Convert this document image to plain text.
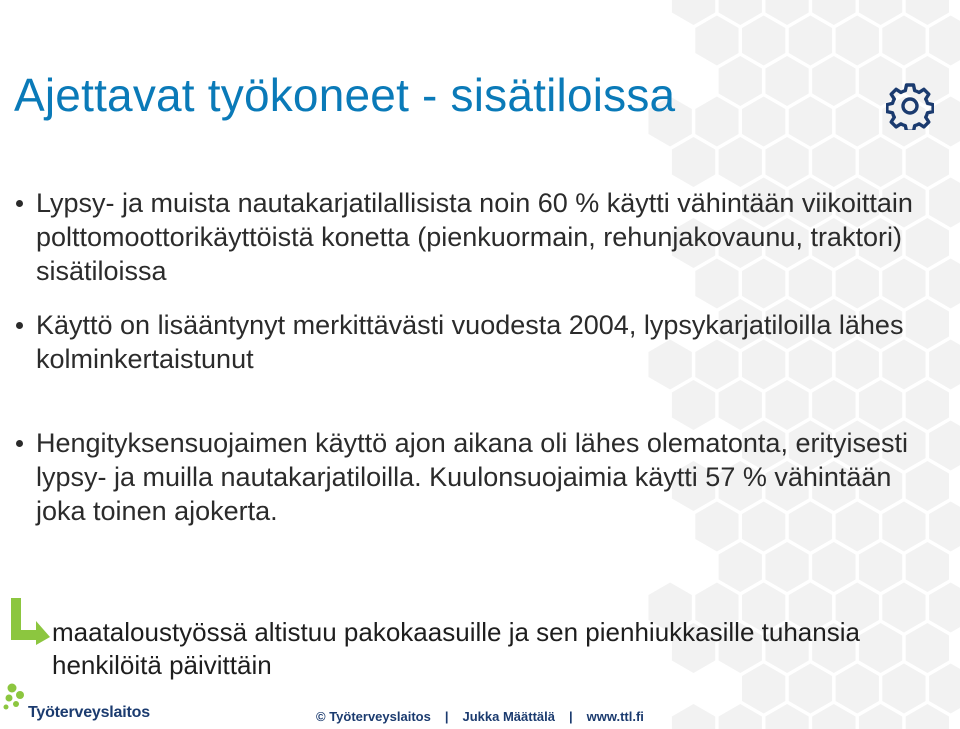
Ajettavat työkoneet - sisätiloissa
Lypsy- ja muista nautakarjatilallisista noin 60 % käytti vähintään viikoittain polttomoottorikäyttöistä konetta (pienkuormain, rehunjakovaunu, traktori) sisätiloissa
Käyttö on lisääntynyt merkittävästi vuodesta 2004, lypsykarjatiloilla lähes kolminkertaistunut
Hengityksensuojaimen käyttö ajon aikana oli lähes olematonta, erityisesti lypsy- ja muilla nautakarjatiloilla. Kuulonsuojaimia käytti 57 % vähintään joka toinen ajokerta.

maataloustyössä altistuu pakokaasuille ja sen pienhiukkasille tuhansia henkilöitä päivittäin

Työterveyslaitos	© Työterveyslaitos | Jukka Määttälä | www.ttl.fi
